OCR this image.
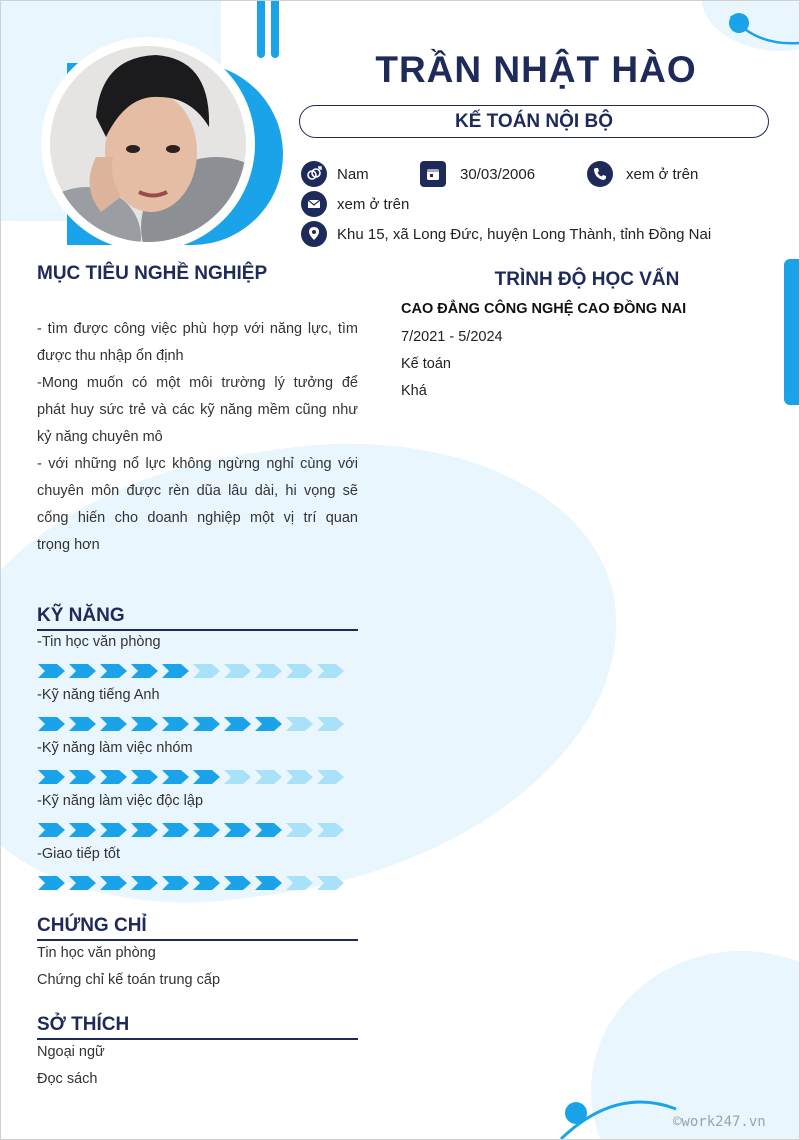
TRẦN NHẬT HÀO
KẾ TOÁN NỘI BỘ
Nam	30/03/2006	xem ở trên
xem ở trên
Khu 15, xã Long Đức, huyện Long Thành, tỉnh Đồng Nai
MỤC TIÊU NGHỀ NGHIỆP
- tìm được công việc phù hợp với năng lực, tìm
được thu nhập ổn định
-Mong muốn có một môi trường lý tưởng để
phát huy sức trẻ và các kỹ năng mềm cũng như
kỷ năng chuyên mô
- với những nổ lực không ngừng nghỉ cùng với
chuyên môn được rèn dũa lâu dài, hi vọng sẽ
cống hiến cho doanh nghiệp một vị trí quan
trọng hơn
TRÌNH ĐỘ HỌC VẤN
CAO ĐẲNG CÔNG NGHỆ CAO ĐỒNG NAI
7/2021 - 5/2024
Kế toán
Khá
KỸ NĂNG
-Tin học văn phòng
-Kỹ năng tiếng Anh
-Kỹ năng làm việc nhóm
-Kỹ năng làm việc độc lập
-Giao tiếp tốt
CHỨNG CHỈ
Tin học văn phòng
Chứng chỉ kế toán trung cấp
SỞ THÍCH
Ngoại ngữ
Đọc sách
©work247.vn
